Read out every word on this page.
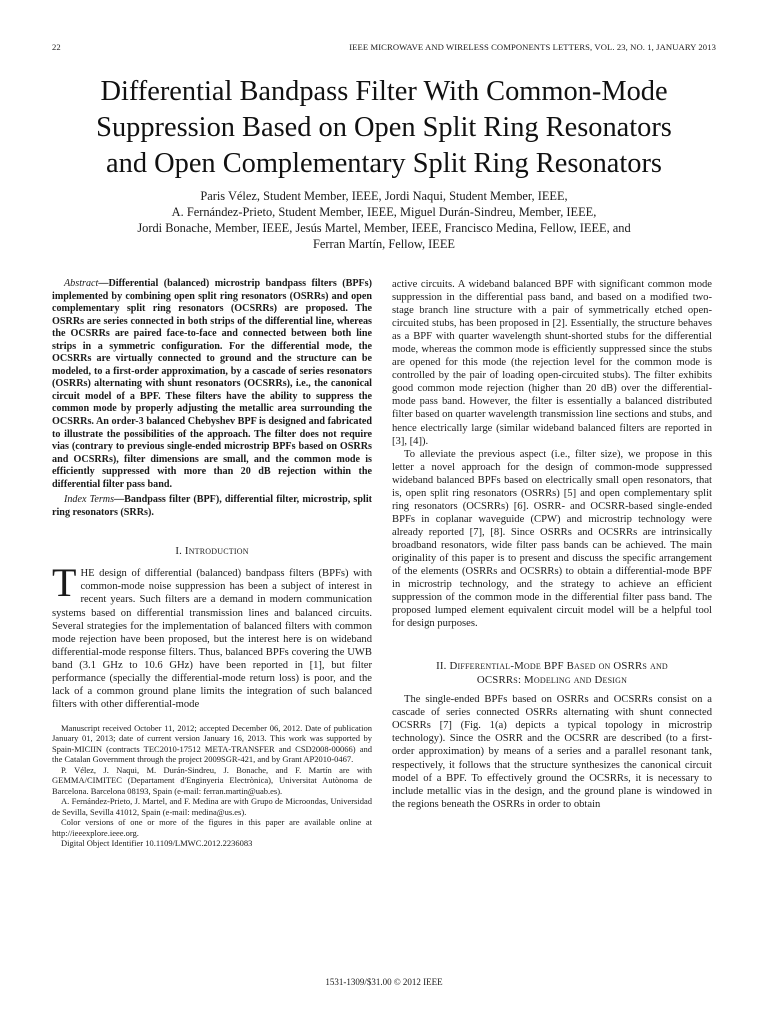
22	IEEE MICROWAVE AND WIRELESS COMPONENTS LETTERS, VOL. 23, NO. 1, JANUARY 2013
Differential Bandpass Filter With Common-Mode
Suppression Based on Open Split Ring Resonators
and Open Complementary Split Ring Resonators
Paris Vélez, Student Member, IEEE, Jordi Naqui, Student Member, IEEE,
A. Fernández-Prieto, Student Member, IEEE, Miguel Durán-Sindreu, Member, IEEE,
Jordi Bonache, Member, IEEE, Jesús Martel, Member, IEEE, Francisco Medina, Fellow, IEEE, and
Ferran Martín, Fellow, IEEE

Abstract—Differential (balanced) microstrip bandpass filters (BPFs) implemented by combining open split ring resonators (OSRRs) and open complementary split ring resonators (OCSRRs) are proposed. The OSRRs are series connected in both strips of the differential line, whereas the OCSRRs are paired face-to-face and connected between both line strips in a symmetric configuration. For the differential mode, the OCSRRs are virtually connected to ground and the structure can be modeled, to a first-order approximation, by a cascade of series resonators (OSRRs) alternating with shunt resonators (OCSRRs), i.e., the canonical circuit model of a BPF. These filters have the ability to suppress the common mode by properly adjusting the metallic area surrounding the OCSRRs. An order-3 balanced Chebyshev BPF is designed and fabricated to illustrate the possibilities of the approach. The filter does not require vias (contrary to previous single-ended microstrip BPFs based on OSRRs and OCSRRs), filter dimensions are small, and the common mode is efficiently suppressed with more than 20 dB rejection within the differential filter pass band.

Index Terms—Bandpass filter (BPF), differential filter, microstrip, split ring resonators (SRRs).

I. Introduction
T HE design of differential (balanced) bandpass filters (BPFs) with common-mode noise suppression has been a subject of interest in recent years. Such filters are a demand in modern communication systems based on differential transmission lines and balanced circuits. Several strategies for the implementation of balanced filters with common mode rejection have been proposed, but the interest here is on wideband differential-mode response filters. Thus, balanced BPFs covering the UWB band (3.1 GHz to 10.6 GHz) have been reported in [1], but filter performance (specially the differential-mode return loss) is poor, and the lack of a common ground plane limits the integration of such balanced filters with other differential-mode

Manuscript received October 11, 2012; accepted December 06, 2012. Date of publication January 01, 2013; date of current version January 16, 2013. This work was supported by Spain-MICIIN (contracts TEC2010-17512 META-TRANSFER and CSD2008-00066) and the Catalan Government through the project 2009SGR-421, and by Grant AP2010-0467.

P. Vélez, J. Naqui, M. Durán-Sindreu, J. Bonache, and F. Martín are with GEMMA/CIMITEC (Departament d'Enginyeria Electrònica), Universitat Autònoma de Barcelona. Barcelona 08193, Spain (e-mail: ferran.martin@uab.es).

A. Fernández-Prieto, J. Martel, and F. Medina are with Grupo de Microondas, Universidad de Sevilla, Sevilla 41012, Spain (e-mail: medina@us.es).

Color versions of one or more of the figures in this paper are available online at http://ieeexplore.ieee.org.

Digital Object Identifier 10.1109/LMWC.2012.2236083

active circuits. A wideband balanced BPF with significant common mode suppression in the differential pass band, and based on a modified two-stage branch line structure with a pair of symmetrically etched open-circuited stubs, has been proposed in [2]. Essentially, the structure behaves as a BPF with quarter wavelength shunt-shorted stubs for the differential mode, whereas the common mode is efficiently suppressed since the stubs are opened for this mode (the rejection level for the common mode is controlled by the pair of loading open-circuited stubs). The filter exhibits good common mode rejection (higher than 20 dB) over the differential-mode pass band. However, the filter is essentially a balanced distributed filter based on quarter wavelength transmission line sections and stubs, and hence electrically large (similar wideband balanced filters are reported in [3], [4]).

To alleviate the previous aspect (i.e., filter size), we propose in this letter a novel approach for the design of common-mode suppressed wideband balanced BPFs based on electrically small open resonators, that is, open split ring resonators (OSRRs) [5] and open complementary split ring resonators (OCSRRs) [6]. OSRR- and OCSRR-based single-ended BPFs in coplanar waveguide (CPW) and microstrip technology were already reported [7], [8]. Since OSRRs and OCSRRs are intrinsically broadband resonators, wide filter pass bands can be achieved. The main originality of this paper is to present and discuss the specific arrangement of the elements (OSRRs and OCSRRs) to obtain a differential-mode BPF in microstrip technology, and the strategy to achieve an efficient suppression of the common mode in the differential filter pass band. The proposed lumped element equivalent circuit model will be a helpful tool for design purposes.

II. Differential-Mode BPF Based on OSRRs and
OCSRRs: Modeling and Design

The single-ended BPFs based on OSRRs and OCSRRs consist on a cascade of series connected OSRRs alternating with shunt connected OCSRRs [7] (Fig. 1(a) depicts a typical topology in microstrip technology). Since the OSRR and the OCSRR are described (to a first-order approximation) by means of a series and a parallel resonant tank, respectively, it follows that the structure synthesizes the canonical circuit model of a BPF. To effectively ground the OCSRRs, it is necessary to include metallic vias in the design, and the ground plane is windowed in the regions beneath the OSRRs in order to obtain

1531-1309/$31.00 © 2012 IEEE
